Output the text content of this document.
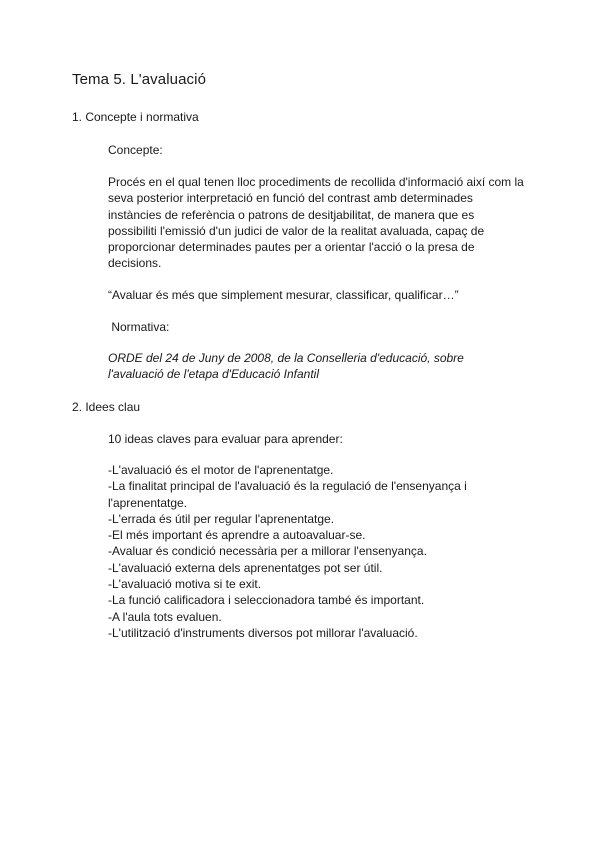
Tema 5. L'avaluació
1. Concepte i normativa
Concepte:
Procés en el qual tenen lloc procediments de recollida d'informació així com la seva posterior interpretació en funció del contrast amb determinades instàncies de referència o patrons de desitjabilitat, de manera que es possibiliti l'emissió d'un judici de valor de la realitat avaluada, capaç de proporcionar determinades pautes per a orientar l'acció o la presa de decisions.
“Avaluar és més que simplement mesurar, classificar, qualificar…”
Normativa:
ORDE del 24 de Juny de 2008, de la Conselleria d'educació, sobre l'avaluació de l'etapa d'Educació Infantil
2. Idees clau
10 ideas claves para evaluar para aprender:
-L'avaluació és el motor de l'aprenentatge.
-La finalitat principal de l'avaluació és la regulació de l'ensenyança i l'aprenentatge.
-L'errada és útil per regular l'aprenentatge.
-El més important és aprendre a autoavaluar-se.
-Avaluar és condició necessària per a millorar l'ensenyança.
-L'avaluació externa dels aprenentatges pot ser útil.
-L'avaluació motiva si te exit.
-La funció calificadora i seleccionadora també és important.
-A l'aula tots evaluen.
-L'utilització d'instruments diversos pot millorar l'avaluació.
